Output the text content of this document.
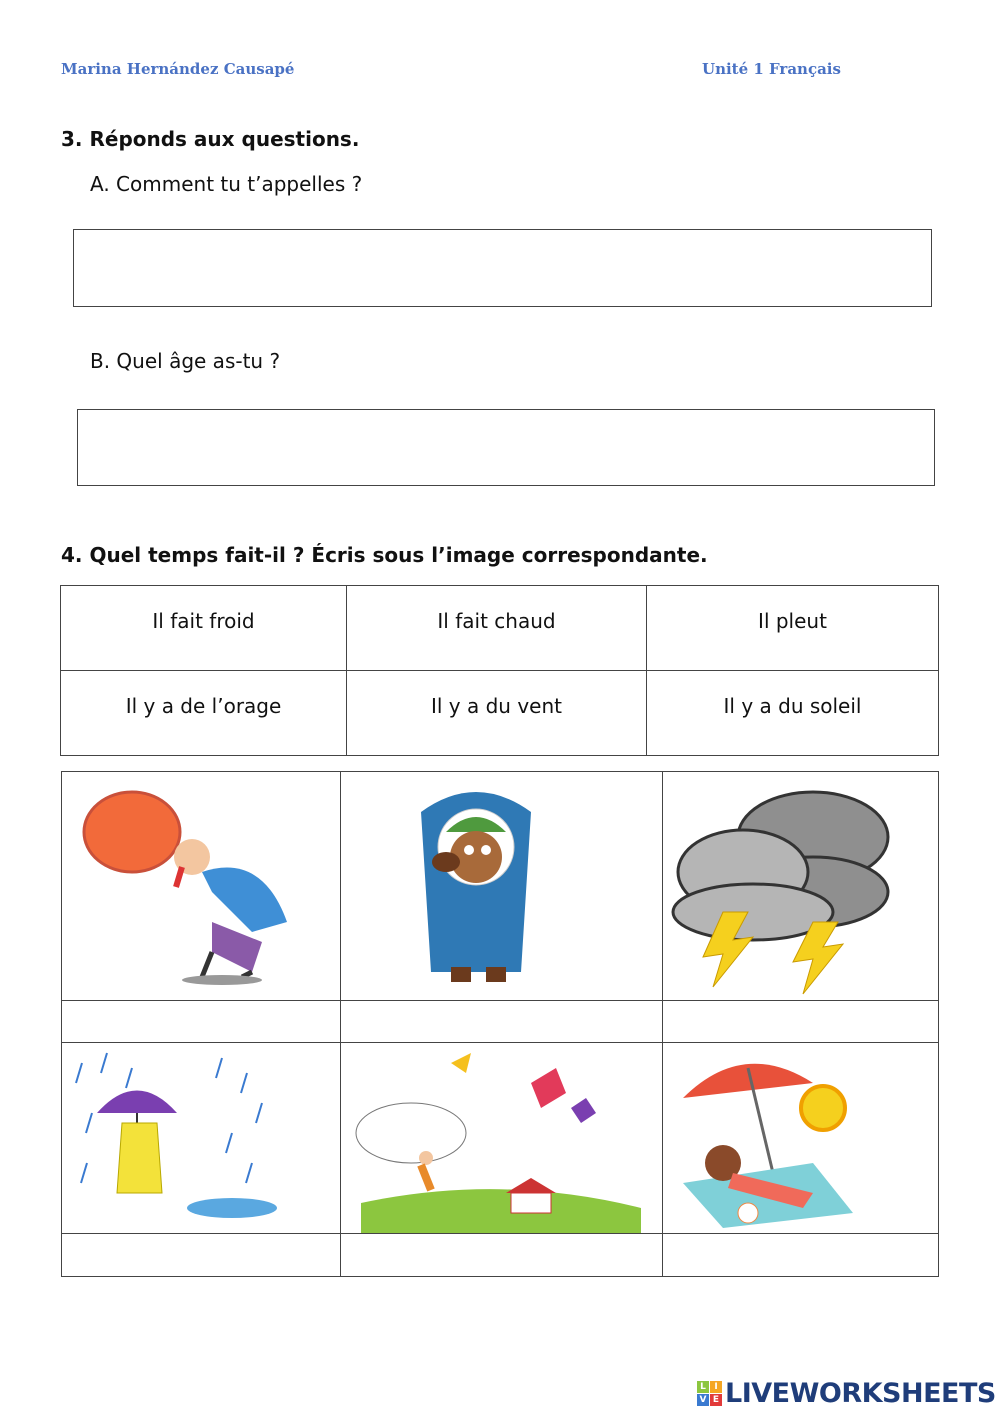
Marina Hernández Causapé	Unité 1 Français
3. Réponds aux questions.
A. Comment tu t’appelles ?
B. Quel âge as-tu ?
4. Quel temps fait-il ? Écris sous l’image correspondante.
Il fait froid	Il fait chaud	Il pleut
Il y a de l’orage	Il y a du vent	Il y a du soleil
L I
V E LIVEWORKSHEETS
